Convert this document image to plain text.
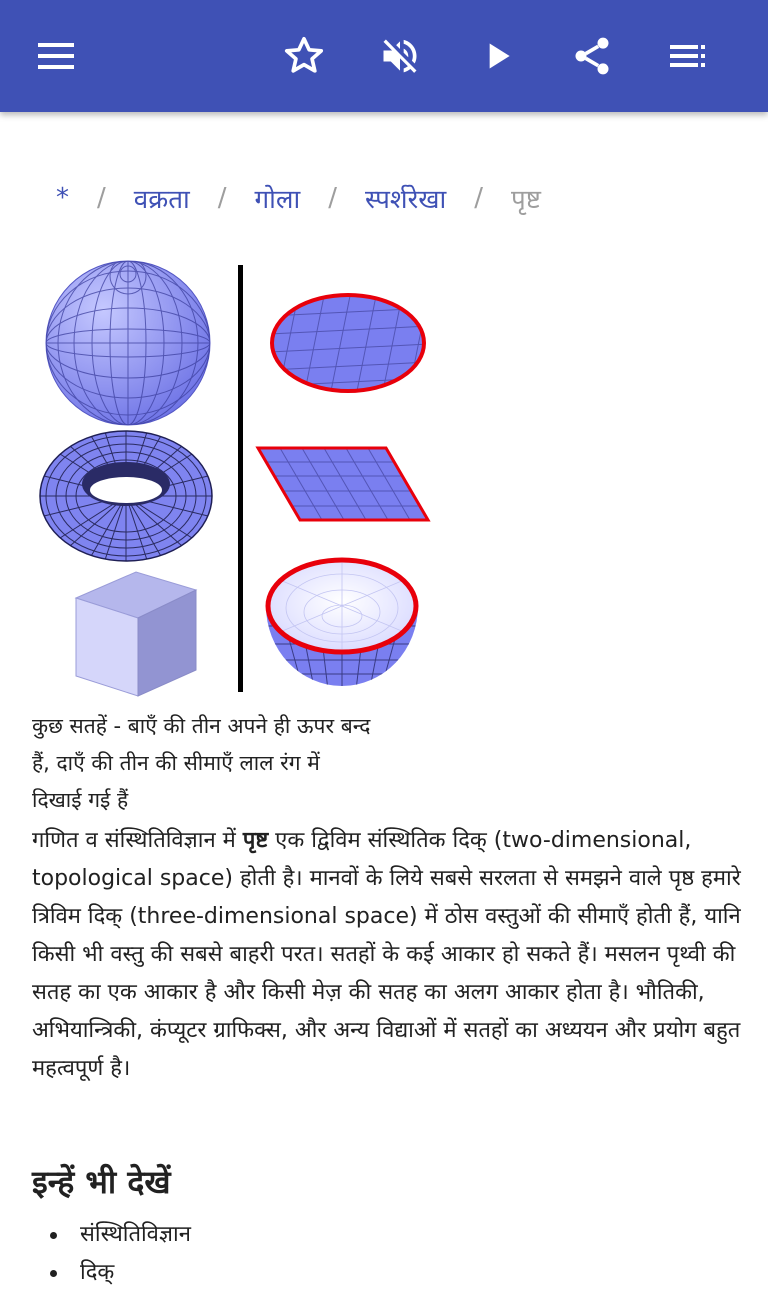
* / वक्रता / गोला / स्पर्शरेखा / पृष्ट
कुछ सतहें - बाएँ की तीन अपने ही ऊपर बन्द
हैं, दाएँ की तीन की सीमाएँ लाल रंग में
दिखाई गई हैं
गणित व संस्थितिविज्ञान में पृष्ट एक द्विविम संस्थितिक दिक् (two-dimensional, topological space) होती है। मानवों के लिये सबसे सरलता से समझने वाले पृष्ठ हमारे त्रिविम दिक् (three-dimensional space) में ठोस वस्तुओं की सीमाएँ होती हैं, यानि किसी भी वस्तु की सबसे बाहरी परत। सतहों के कई आकार हो सकते हैं। मसलन पृथ्वी की सतह का एक आकार है और किसी मेज़ की सतह का अलग आकार होता है। भौतिकी, अभियान्त्रिकी, कंप्यूटर ग्राफिक्स, और अन्य विद्याओं में सतहों का अध्ययन और प्रयोग बहुत महत्वपूर्ण है।
इन्हें भी देखें
संस्थितिविज्ञान
दिक्
